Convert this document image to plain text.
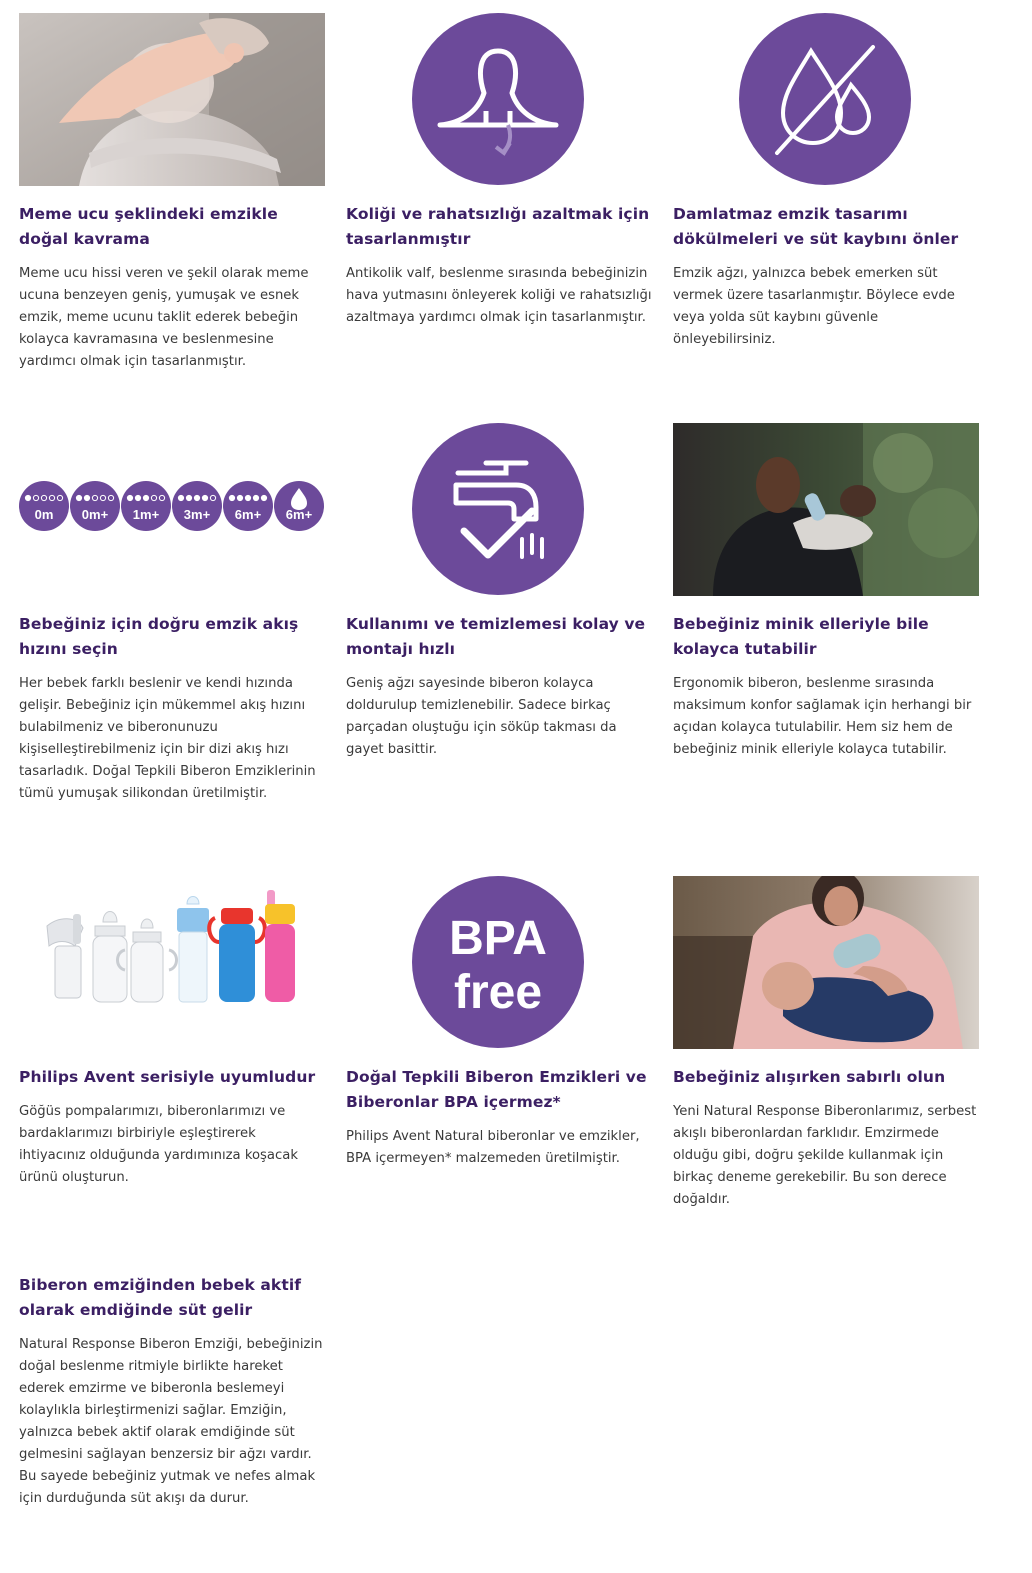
Meme ucu şeklindeki emzikle doğal kavrama
Meme ucu hissi veren ve şekil olarak meme ucuna benzeyen geniş, yumuşak ve esnek emzik, meme ucunu taklit ederek bebeğin kolayca kavramasına ve beslenmesine yardımcı olmak için tasarlanmıştır.
Koliği ve rahatsızlığı azaltmak için tasarlanmıştır
Antikolik valf, beslenme sırasında bebeğinizin hava yutmasını önleyerek koliği ve rahatsızlığı azaltmaya yardımcı olmak için tasarlanmıştır.
Damlatmaz emzik tasarımı dökülmeleri ve süt kaybını önler
Emzik ağzı, yalnızca bebek emerken süt vermek üzere tasarlanmıştır. Böylece evde veya yolda süt kaybını güvenle önleyebilirsiniz.
0m 0m+ 1m+ 3m+ 6m+ 6m+
Bebeğiniz için doğru emzik akış hızını seçin
Her bebek farklı beslenir ve kendi hızında gelişir. Bebeğiniz için mükemmel akış hızını bulabilmeniz ve biberonunuzu kişiselleştirebilmeniz için bir dizi akış hızı tasarladık. Doğal Tepkili Biberon Emziklerinin tümü yumuşak silikondan üretilmiştir.
Kullanımı ve temizlemesi kolay ve montajı hızlı
Geniş ağzı sayesinde biberon kolayca doldurulup temizlenebilir. Sadece birkaç parçadan oluştuğu için söküp takması da gayet basittir.
Bebeğiniz minik elleriyle bile kolayca tutabilir
Ergonomik biberon, beslenme sırasında maksimum konfor sağlamak için herhangi bir açıdan kolayca tutulabilir. Hem siz hem de bebeğiniz minik elleriyle kolayca tutabilir.
Philips Avent serisiyle uyumludur
Göğüs pompalarımızı, biberonlarımızı ve bardaklarımızı birbiriyle eşleştirerek ihtiyacınız olduğunda yardımınıza koşacak ürünü oluşturun.
BPA
free
Doğal Tepkili Biberon Emzikleri ve Biberonlar BPA içermez*
Philips Avent Natural biberonlar ve emzikler, BPA içermeyen* malzemeden üretilmiştir.
Bebeğiniz alışırken sabırlı olun
Yeni Natural Response Biberonlarımız, serbest akışlı biberonlardan farklıdır. Emzirmede olduğu gibi, doğru şekilde kullanmak için birkaç deneme gerekebilir. Bu son derece doğaldır.
Biberon emziğinden bebek aktif olarak emdiğinde süt gelir
Natural Response Biberon Emziği, bebeğinizin doğal beslenme ritmiyle birlikte hareket ederek emzirme ve biberonla beslemeyi kolaylıkla birleştirmenizi sağlar. Emziğin, yalnızca bebek aktif olarak emdiğinde süt gelmesini sağlayan benzersiz bir ağzı vardır. Bu sayede bebeğiniz yutmak ve nefes almak için durduğunda süt akışı da durur.
